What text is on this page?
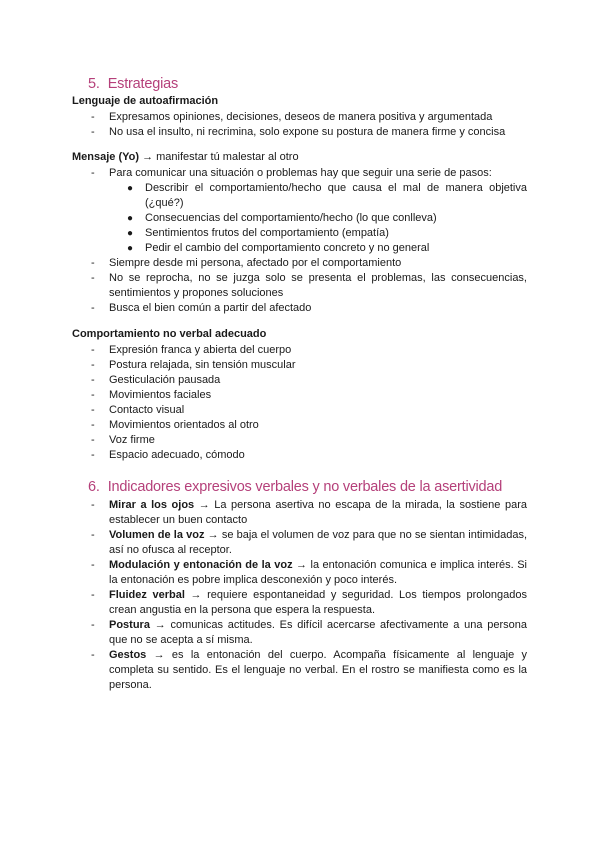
5. Estrategias

Lenguaje de autoafirmación

- Expresamos opiniones, decisiones, deseos de manera positiva y argumentada
- No usa el insulto, ni recrimina, solo expone su postura de manera firme y concisa

Mensaje (Yo) → manifestar tú malestar al otro

- Para comunicar una situación o problemas hay que seguir una serie de pasos:
● Describir el comportamiento/hecho que causa el mal de manera objetiva (¿qué?)
● Consecuencias del comportamiento/hecho (lo que conlleva)
● Sentimientos frutos del comportamiento (empatía)
● Pedir el cambio del comportamiento concreto y no general
- Siempre desde mi persona, afectado por el comportamiento
- No se reprocha, no se juzga solo se presenta el problemas, las consecuencias, sentimientos y propones soluciones
- Busca el bien común a partir del afectado

Comportamiento no verbal adecuado

- Expresión franca y abierta del cuerpo
- Postura relajada, sin tensión muscular
- Gesticulación pausada
- Movimientos faciales
- Contacto visual
- Movimientos orientados al otro
- Voz firme
- Espacio adecuado, cómodo
6. Indicadores expresivos verbales y no verbales de la asertividad
- Mirar a los ojos → La persona asertiva no escapa de la mirada, la sostiene para establecer un buen contacto
- Volumen de la voz → se baja el volumen de voz para que no se sientan intimidadas, así no ofusca al receptor.
- Modulación y entonación de la voz → la entonación comunica e implica interés. Si la entonación es pobre implica desconexión y poco interés.
- Fluidez verbal → requiere espontaneidad y seguridad. Los tiempos prolongados crean angustia en la persona que espera la respuesta.
- Postura → comunicas actitudes. Es difícil acercarse afectivamente a una persona que no se acepta a sí misma.
- Gestos → es la entonación del cuerpo. Acompaña físicamente al lenguaje y completa su sentido. Es el lenguaje no verbal. En el rostro se manifiesta como es la persona.
